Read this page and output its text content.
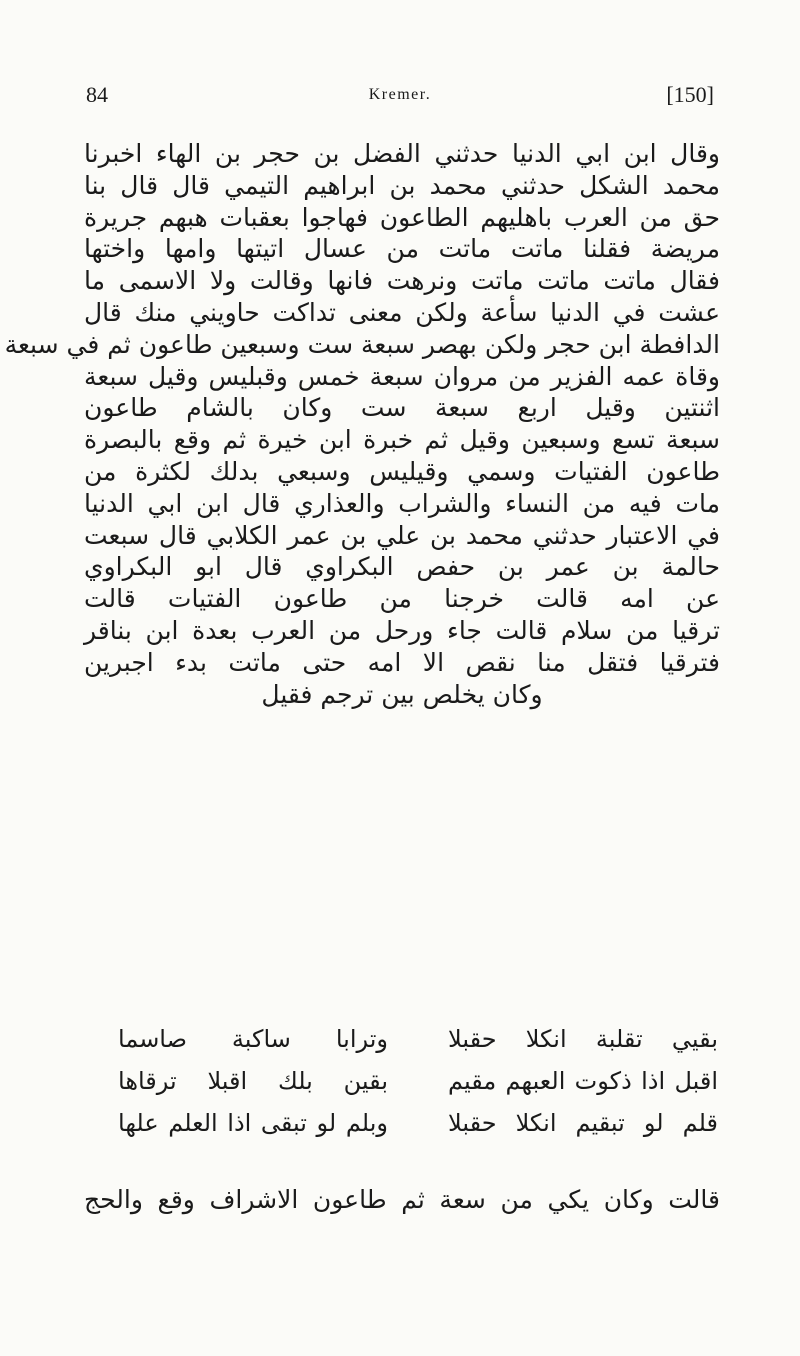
84	Kremer.	[150]
وقال ابن ابي الدنيا حدثني الفضل بن حجر بن الهاء اخبرنا
محمد الشكل حدثني محمد بن ابراهيم التيمي قال قال بنا
حق من العرب باهليهم الطاعون فهاجوا بعقبات هبهم جريرة
مريضة فقلنا ماتت ماتت من عسال اتيتها وامها واختها
فقال ماتت ماتت ماتت ونرهت فانها وقالت ولا الاسمى ما
عشت في الدنيا سأعة ولكن معنى تداكت حاويني منك قال
الدافطة ابن حجر ولكن بهصر سبعة ست وسبعين طاعون ثم في سبعة
وقاة عمه الفزير من مروان سبعة خمس وقبليس وقيل سبعة
اثنتين وقيل اربع سبعة ست وكان بالشام طاعون
سبعة تسع وسبعين وقيل ثم خبرة ابن خيرة ثم وقع بالبصرة
طاعون الفتيات وسمي وقيليس وسبعي بدلك لكثرة من
مات فيه من النساء والشراب والعذاري قال ابن ابي الدنيا
في الاعتبار حدثني محمد بن علي بن عمر الكلابي قال سبعت
حالمة بن عمر بن حفص البكراوي قال ابو البكراوي
عن امه قالت خرجنا من طاعون الفتيات قالت
ترقيا من سلام قالت جاء ورحل من العرب بعدة ابن بناقر
فترقيا فتقل منا نقص الا امه حتى ماتت بدء اجبرين
وكان يخلص بين ترجم فقيل
بقيي تقلبة انكلا حقبلا
وترابا ساكبة صاسما
اقبل اذا ذكوت العبهم مقيم
بقين بلك اقبلا ترقاها
قلم لو تبقيم انكلا حقبلا
وبلم لو تبقى اذا العلم علها
قالت وكان يكي من سعة ثم طاعون الاشراف وقع والحج
